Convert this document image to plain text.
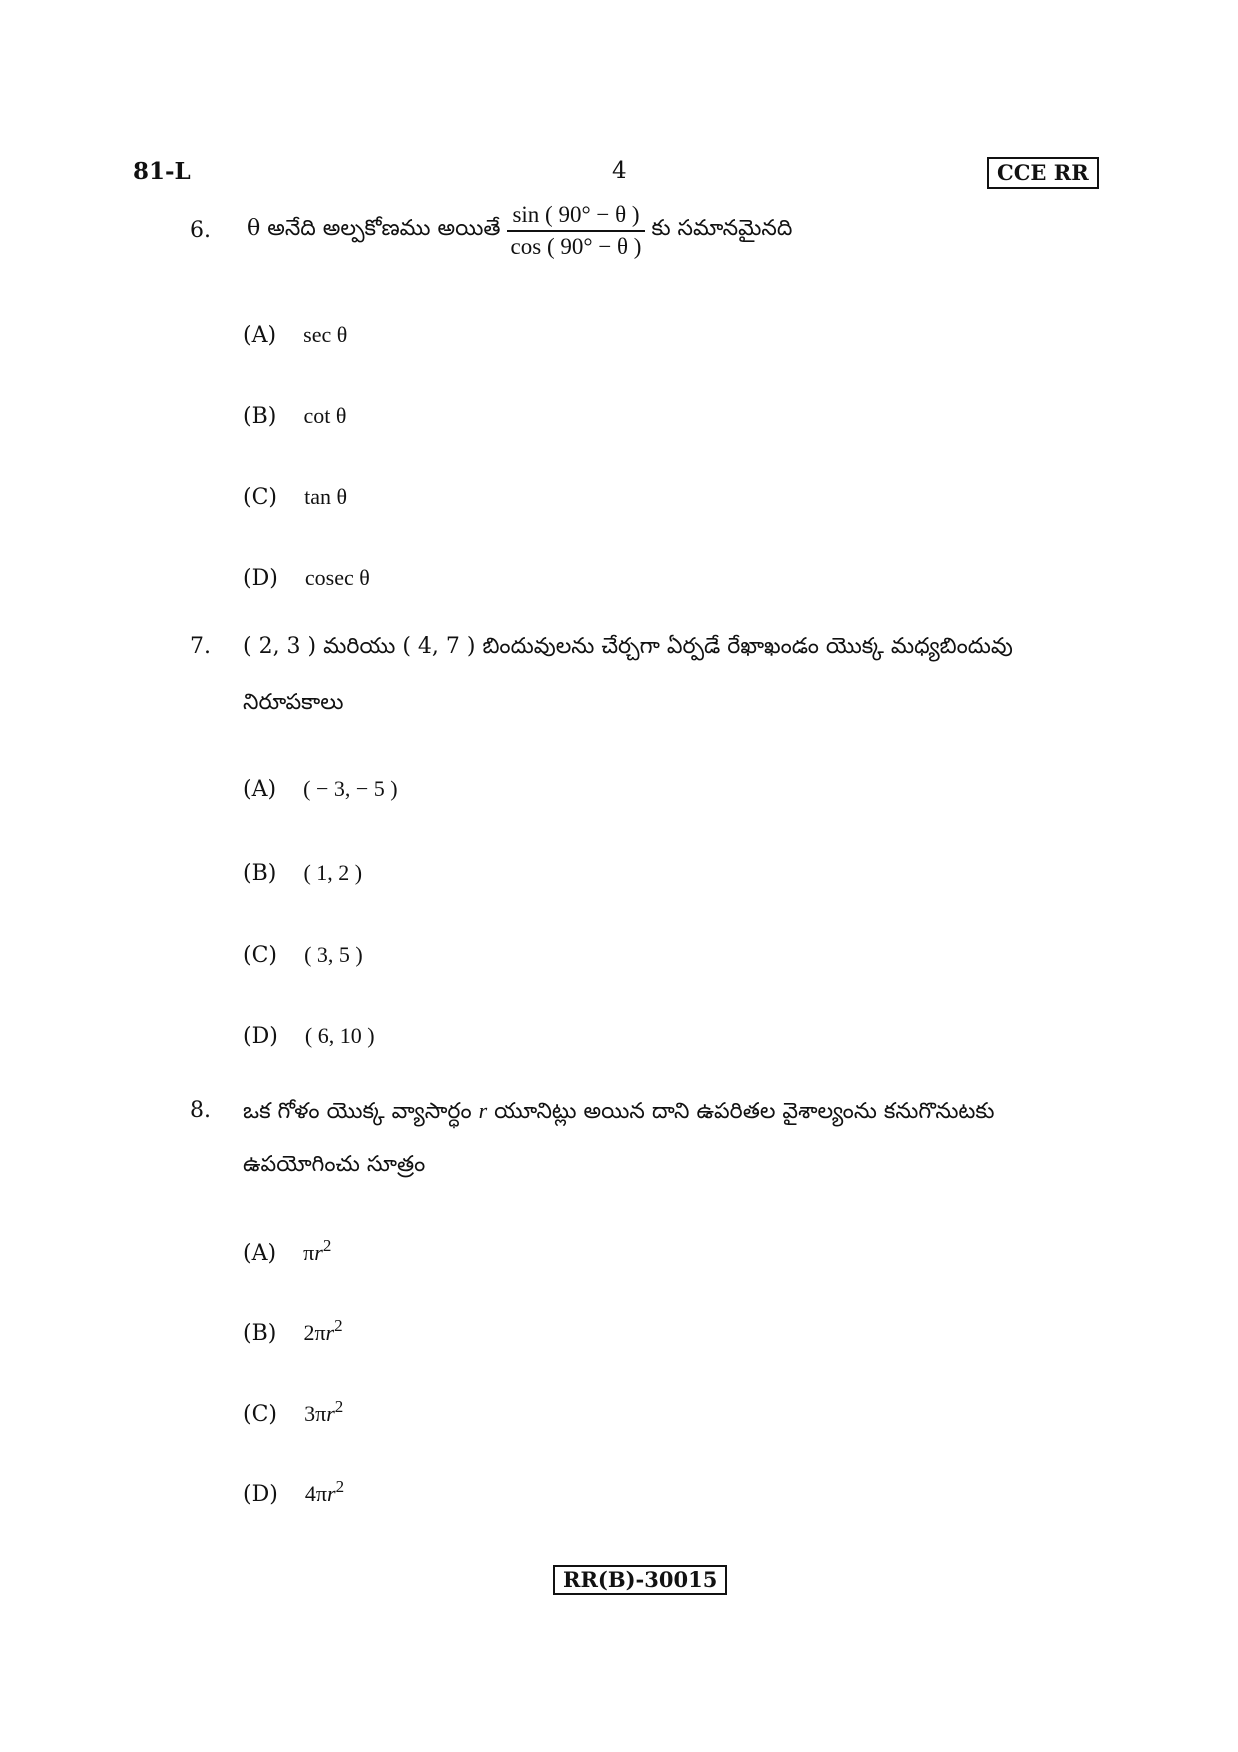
81-L	4	CCE RR
6. θ అనేది అల్పకోణము అయితే $\frac{\sin ( 90^\circ - \theta )}{\cos ( 90^\circ - \theta )}$ కు సమానమైనది
(A) sec θ
(B) cot θ
(C) tan θ
(D) cosec θ
7. ( 2, 3 ) మరియు ( 4, 7 ) బిందువులను చేర్చగా ఏర్పడే రేఖాఖండం యొక్క మధ్యబిందువు
నిరూపకాలు
(A) ( − 3, − 5 )
(B) ( 1, 2 )
(C) ( 3, 5 )
(D) ( 6, 10 )
8. ఒక గోళం యొక్క వ్యాసార్ధం r యూనిట్లు అయిన దాని ఉపరితల వైశాల్యంను కనుగొనుటకు
ఉపయోగించు సూత్రం
(A) $\pi r^2$
(B) $2\pi r^2$
(C) $3\pi r^2$
(D) $4\pi r^2$
RR(B)-30015
